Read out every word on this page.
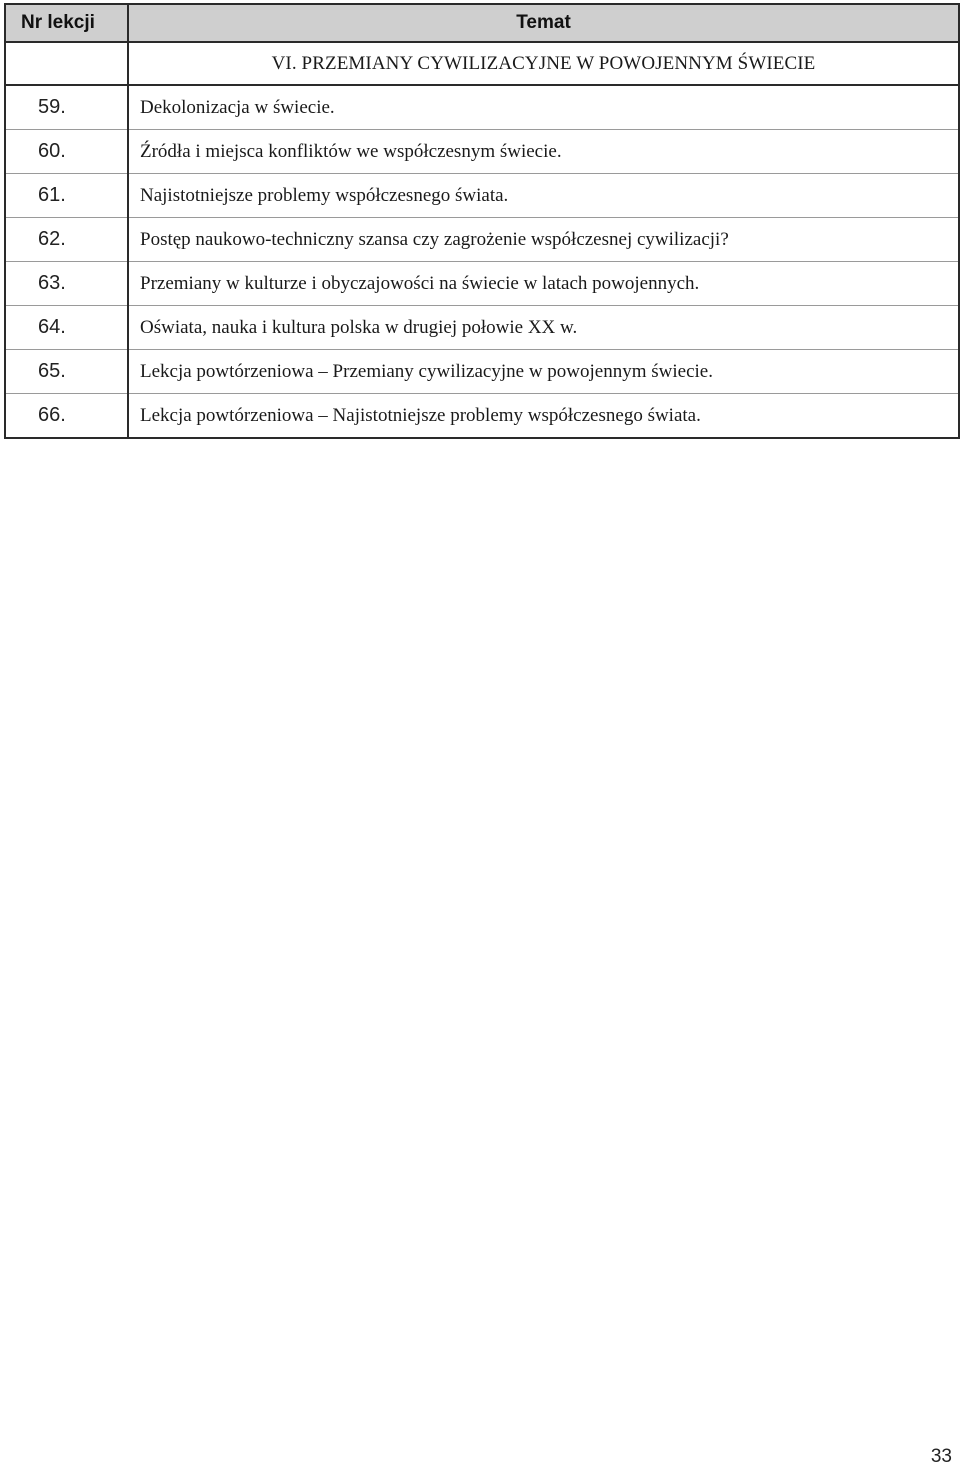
Nr lekcji	Temat
	VI. PRZEMIANY CYWILIZACYJNE W POWOJENNYM ŚWIECIE
59.	Dekolonizacja w świecie.
60.	Źródła i miejsca konfliktów we współczesnym świecie.
61.	Najistotniejsze problemy współczesnego świata.
62.	Postęp naukowo-techniczny szansa czy zagrożenie współczesnej cywilizacji?
63.	Przemiany w kulturze i obyczajowości na świecie w latach powojennych.
64.	Oświata, nauka i kultura polska w drugiej połowie XX w.
65.	Lekcja powtórzeniowa – Przemiany cywilizacyjne w powojennym świecie.
66.	Lekcja powtórzeniowa – Najistotniejsze problemy współczesnego świata.
33
